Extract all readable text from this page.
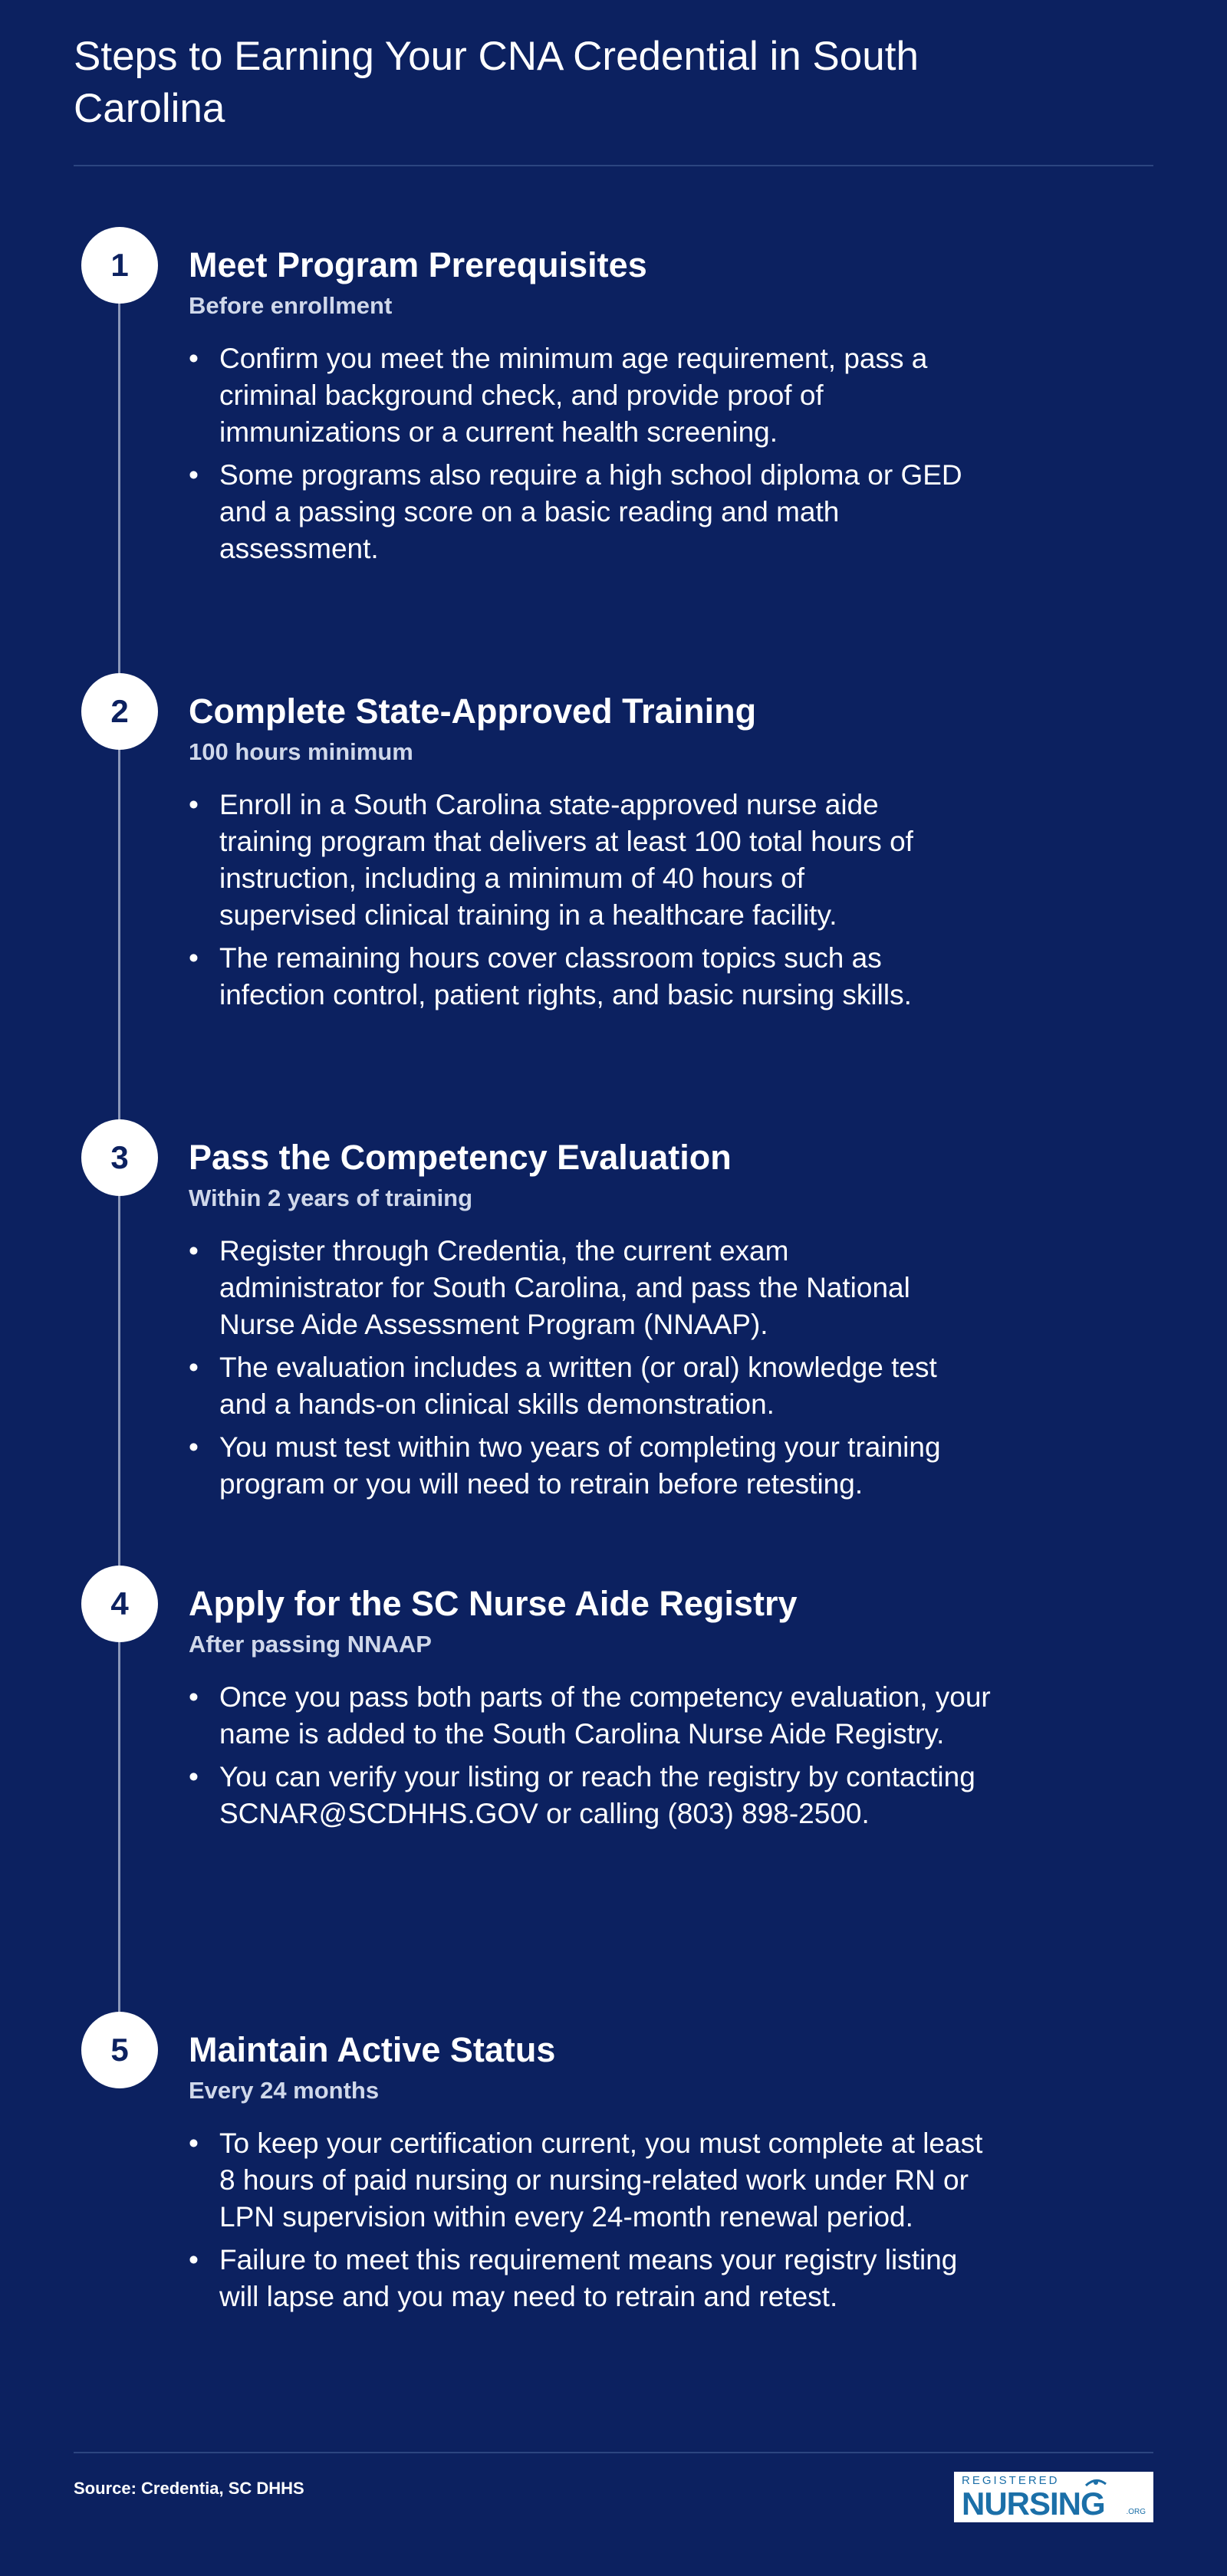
Steps to Earning Your CNA Credential in South Carolina
1	Meet Program Prerequisites
Before enrollment
• Confirm you meet the minimum age requirement, pass a criminal background check, and provide proof of immunizations or a current health screening.
• Some programs also require a high school diploma or GED and a passing score on a basic reading and math assessment.
2	Complete State-Approved Training
100 hours minimum
• Enroll in a South Carolina state-approved nurse aide training program that delivers at least 100 total hours of instruction, including a minimum of 40 hours of supervised clinical training in a healthcare facility.
• The remaining hours cover classroom topics such as infection control, patient rights, and basic nursing skills.
3	Pass the Competency Evaluation
Within 2 years of training
• Register through Credentia, the current exam administrator for South Carolina, and pass the National Nurse Aide Assessment Program (NNAAP).
• The evaluation includes a written (or oral) knowledge test and a hands-on clinical skills demonstration.
• You must test within two years of completing your training program or you will need to retrain before retesting.
4	Apply for the SC Nurse Aide Registry
After passing NNAAP
• Once you pass both parts of the competency evaluation, your name is added to the South Carolina Nurse Aide Registry.
• You can verify your listing or reach the registry by contacting SCNAR@SCDHHS.GOV or calling (803) 898-2500.
5	Maintain Active Status
Every 24 months
• To keep your certification current, you must complete at least 8 hours of paid nursing or nursing-related work under RN or LPN supervision within every 24-month renewal period.
• Failure to meet this requirement means your registry listing will lapse and you may need to retrain and retest.
Source: Credentia, SC DHHS	REGISTERED
NURSING	.ORG
